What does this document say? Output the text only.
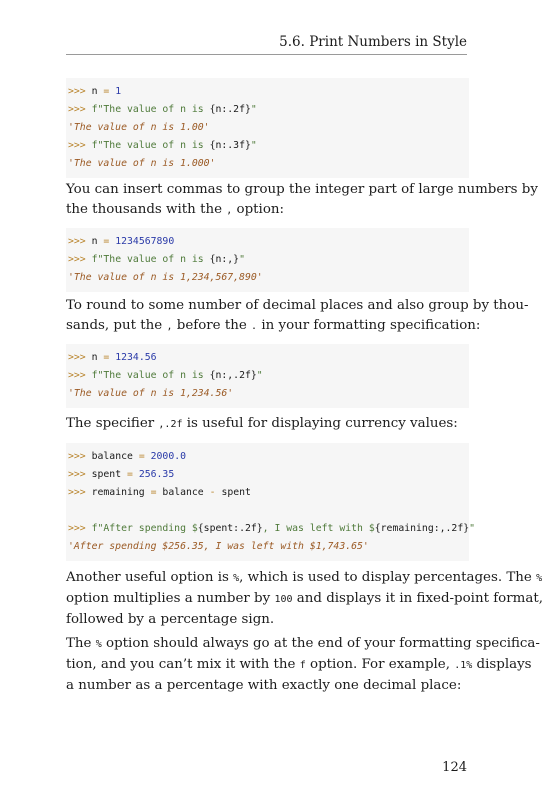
5.6. Print Numbers in Style
>>> n = 1
>>> f"The value of n is {n:.2f}"
'The value of n is 1.00'
>>> f"The value of n is {n:.3f}"
'The value of n is 1.000'
You can insert commas to group the integer part of large numbers by
the thousands with the , option:
>>> n = 1234567890
>>> f"The value of n is {n:,}"
'The value of n is 1,234,567,890'
To round to some number of decimal places and also group by thou-
sands, put the , before the . in your formatting specification:
>>> n = 1234.56
>>> f"The value of n is {n:,.2f}"
'The value of n is 1,234.56'
The specifier ,.2f is useful for displaying currency values:
>>> balance = 2000.0
>>> spent = 256.35
>>> remaining = balance - spent
>>> f"After spending ${spent:.2f}, I was left with ${remaining:,.2f}"
'After spending $256.35, I was left with $1,743.65'
Another useful option is %, which is used to display percentages. The %
option multiplies a number by 100 and displays it in fixed-point format,
followed by a percentage sign.
The % option should always go at the end of your formatting specifica-
tion, and you can’t mix it with the f option. For example, .1% displays
a number as a percentage with exactly one decimal place:
124
